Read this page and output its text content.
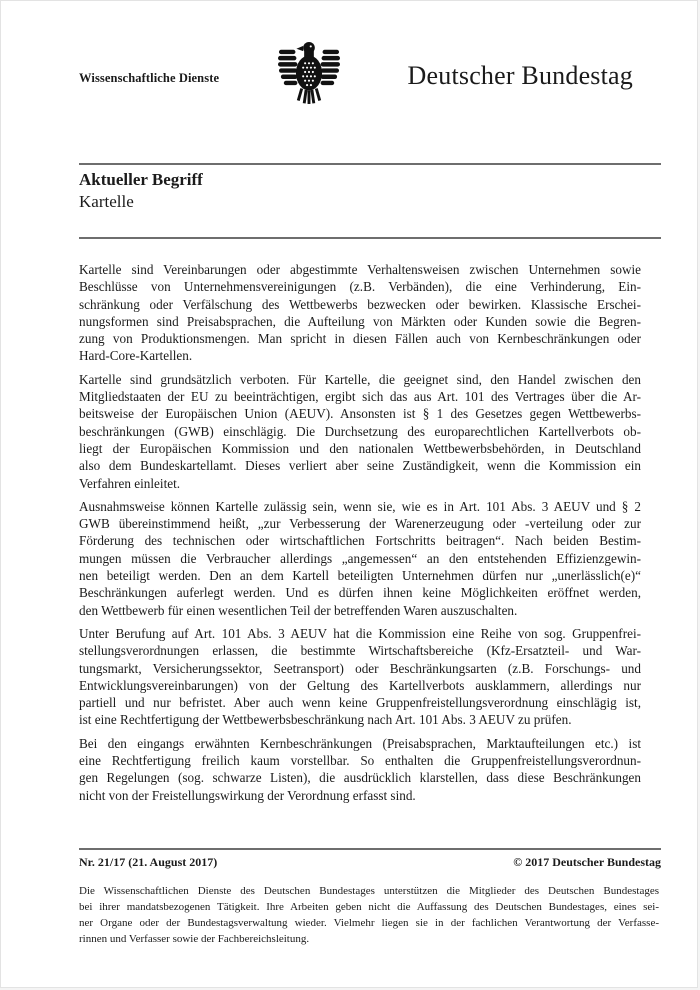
Wissenschaftliche Dienste	Deutscher Bundestag
Aktueller Begriff
Kartelle
Kartelle sind Vereinbarungen oder abgestimmte Verhaltensweisen zwischen Unternehmen sowie
Beschlüsse von Unternehmensvereinigungen (z.B. Verbänden), die eine Verhinderung, Ein-
schränkung oder Verfälschung des Wettbewerbs bezwecken oder bewirken. Klassische Erschei-
nungsformen sind Preisabsprachen, die Aufteilung von Märkten oder Kunden sowie die Begren-
zung von Produktionsmengen. Man spricht in diesen Fällen auch von Kernbeschränkungen oder
Hard-Core-Kartellen.
Kartelle sind grundsätzlich verboten. Für Kartelle, die geeignet sind, den Handel zwischen den
Mitgliedstaaten der EU zu beeinträchtigen, ergibt sich das aus Art. 101 des Vertrages über die Ar-
beitsweise der Europäischen Union (AEUV). Ansonsten ist § 1 des Gesetzes gegen Wettbewerbs-
beschränkungen (GWB) einschlägig. Die Durchsetzung des europarechtlichen Kartellverbots ob-
liegt der Europäischen Kommission und den nationalen Wettbewerbsbehörden, in Deutschland
also dem Bundeskartellamt. Dieses verliert aber seine Zuständigkeit, wenn die Kommission ein
Verfahren einleitet.
Ausnahmsweise können Kartelle zulässig sein, wenn sie, wie es in Art. 101 Abs. 3 AEUV und § 2
GWB übereinstimmend heißt, „zur Verbesserung der Warenerzeugung oder -verteilung oder zur
Förderung des technischen oder wirtschaftlichen Fortschritts beitragen“. Nach beiden Bestim-
mungen müssen die Verbraucher allerdings „angemessen“ an den entstehenden Effizienzgewin-
nen beteiligt werden. Den an dem Kartell beteiligten Unternehmen dürfen nur „unerlässlich(e)“
Beschränkungen auferlegt werden. Und es dürfen ihnen keine Möglichkeiten eröffnet werden,
den Wettbewerb für einen wesentlichen Teil der betreffenden Waren auszuschalten.
Unter Berufung auf Art. 101 Abs. 3 AEUV hat die Kommission eine Reihe von sog. Gruppenfrei-
stellungsverordnungen erlassen, die bestimmte Wirtschaftsbereiche (Kfz-Ersatzteil- und War-
tungsmarkt, Versicherungssektor, Seetransport) oder Beschränkungsarten (z.B. Forschungs- und
Entwicklungsvereinbarungen) von der Geltung des Kartellverbots ausklammern, allerdings nur
partiell und nur befristet. Aber auch wenn keine Gruppenfreistellungsverordnung einschlägig ist,
ist eine Rechtfertigung der Wettbewerbsbeschränkung nach Art. 101 Abs. 3 AEUV zu prüfen.
Bei den eingangs erwähnten Kernbeschränkungen (Preisabsprachen, Marktaufteilungen etc.) ist
eine Rechtfertigung freilich kaum vorstellbar. So enthalten die Gruppenfreistellungsverordnun-
gen Regelungen (sog. schwarze Listen), die ausdrücklich klarstellen, dass diese Beschränkungen
nicht von der Freistellungswirkung der Verordnung erfasst sind.
Nr. 21/17 (21. August 2017)	© 2017 Deutscher Bundestag
Die Wissenschaftlichen Dienste des Deutschen Bundestages unterstützen die Mitglieder des Deutschen Bundestages
bei ihrer mandatsbezogenen Tätigkeit. Ihre Arbeiten geben nicht die Auffassung des Deutschen Bundestages, eines sei-
ner Organe oder der Bundestagsverwaltung wieder. Vielmehr liegen sie in der fachlichen Verantwortung der Verfasse-
rinnen und Verfasser sowie der Fachbereichsleitung.
